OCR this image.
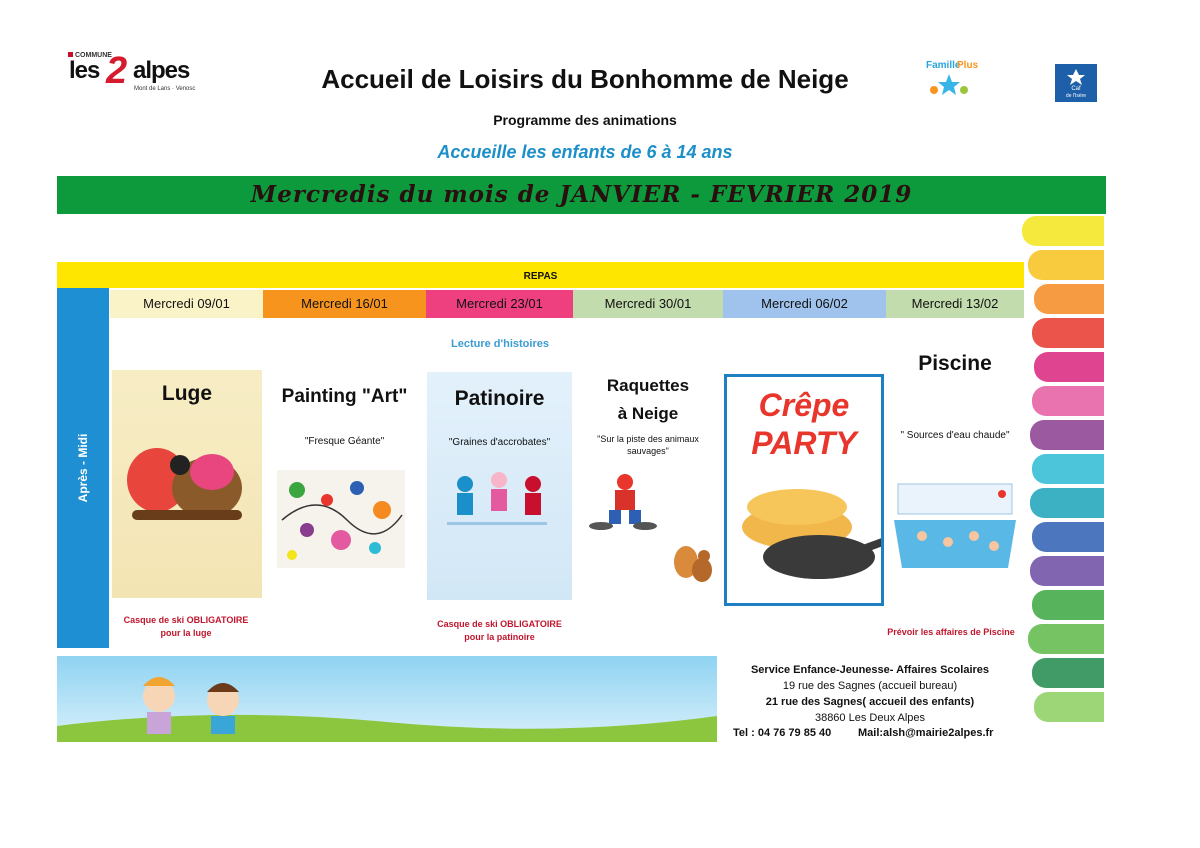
COMMUNE
les 2 alpes
Mont de Lans · Venosc	Accueil de Loisirs du Bonhomme de Neige
Programme des animations
Accueille les enfants de 6 à 14 ans
Famille
Plus
Caf
de l'Isère
Mercredis du mois de JANVIER - FEVRIER 2019
REPAS
Après - Midi
Mercredi 09/01	Mercredi 16/01	Mercredi 23/01	Mercredi 30/01	Mercredi 06/02	Mercredi 13/02
Lecture d'histoires
Luge
Casque de ski OBLIGATOIRE
pour la luge
Painting "Art"
"Fresque Géante"
Patinoire
"Graines d'accrobates"
Casque de ski OBLIGATOIRE
pour la patinoire
Raquettes
à Neige
"Sur la piste des animaux
sauvages"
Crêpe
PARTY
Piscine
" Sources d'eau chaude"
Prévoir les affaires de Piscine
Service Enfance-Jeunesse- Affaires Scolaires
19 rue des Sagnes (accueil bureau)
21 rue des Sagnes( accueil des enfants)
38860 Les Deux Alpes
Tel : 04 76 79 85 40	Mail:alsh@mairie2alpes.fr
